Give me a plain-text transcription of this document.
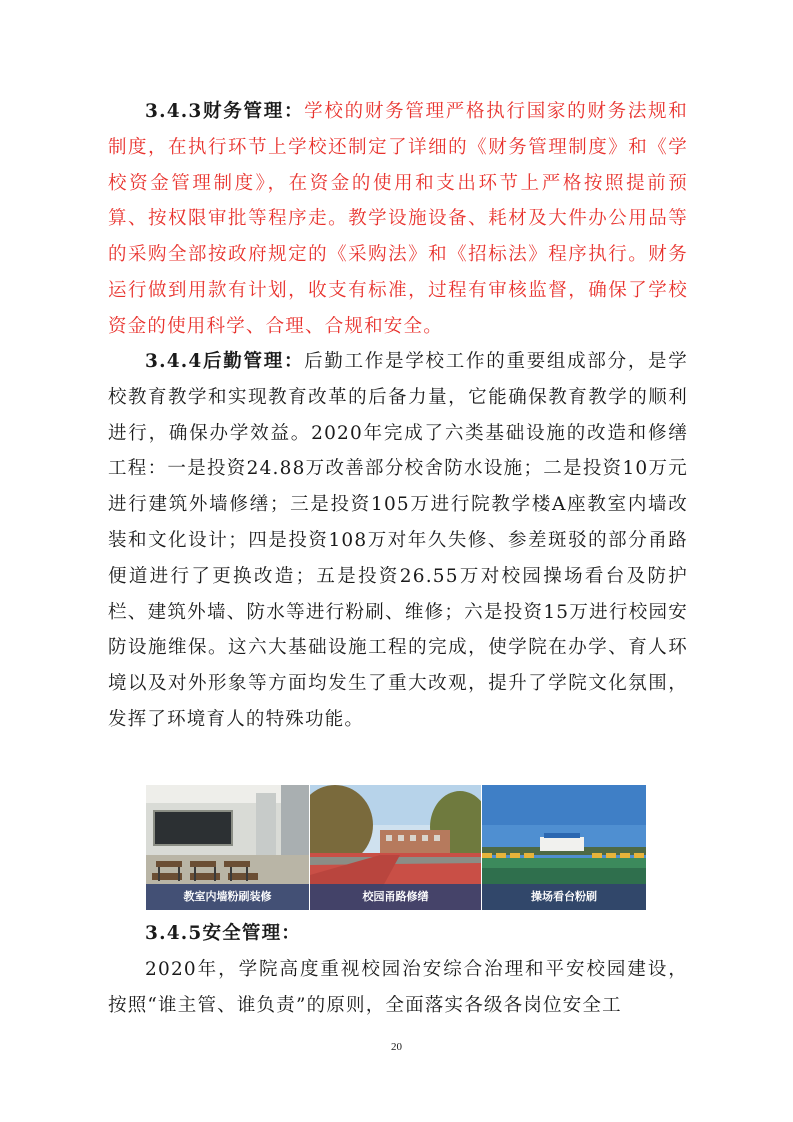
3.4.3财务管理：学校的财务管理严格执行国家的财务法规和制度，在执行环节上学校还制定了详细的《财务管理制度》和《学校资金管理制度》，在资金的使用和支出环节上严格按照提前预算、按权限审批等程序走。教学设施设备、耗材及大件办公用品等的采购全部按政府规定的《采购法》和《招标法》程序执行。财务运行做到用款有计划，收支有标准，过程有审核监督，确保了学校资金的使用科学、合理、合规和安全。

3.4.4后勤管理：后勤工作是学校工作的重要组成部分，是学校教育教学和实现教育改革的后备力量，它能确保教育教学的顺利进行，确保办学效益。2020年完成了六类基础设施的改造和修缮工程：一是投资24.88万改善部分校舍防水设施；二是投资10万元进行建筑外墙修缮；三是投资105万进行院教学楼A座教室内墙改装和文化设计；四是投资108万对年久失修、参差斑驳的部分甬路便道进行了更换改造；五是投资26.55万对校园操场看台及防护栏、建筑外墙、防水等进行粉刷、维修；六是投资15万进行校园安防设施维保。这六大基础设施工程的完成，使学院在办学、育人环境以及对外形象等方面均发生了重大改观，提升了学院文化氛围，发挥了环境育人的特殊功能。

教室内墙粉刷装修	校园甬路修缮	操场看台粉刷

3.4.5安全管理：

2020年，学院高度重视校园治安综合治理和平安校园建设，按照“谁主管、谁负责”的原则，全面落实各级各岗位安全工

20
